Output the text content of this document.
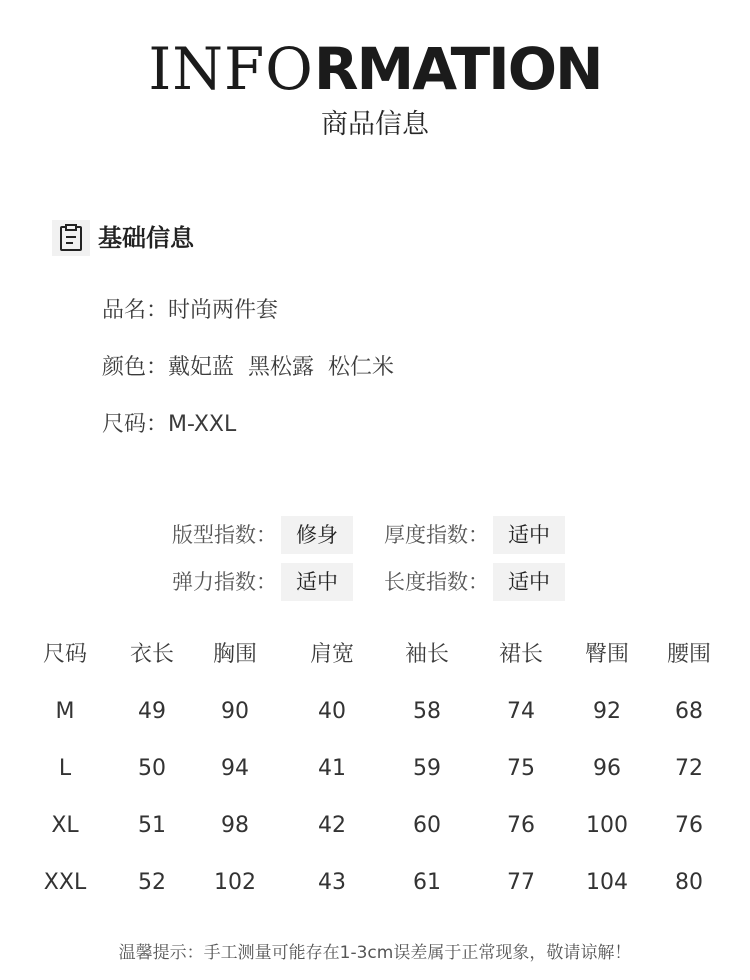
INFORMATION
商品信息
基础信息
品名：时尚两件套
颜色：戴妃蓝  黑松露  松仁米
尺码：M-XXL
版型指数： 修身	厚度指数： 适中
弹力指数： 适中	长度指数： 适中
尺码	衣长	胸围	肩宽	袖长	裙长	臀围	腰围
M	49	90	40	58	74	92	68
L	50	94	41	59	75	96	72
XL	51	98	42	60	76	100	76
XXL	52	102	43	61	77	104	80
温馨提示：手工测量可能存在1-3cm误差属于正常现象，敬请谅解！
